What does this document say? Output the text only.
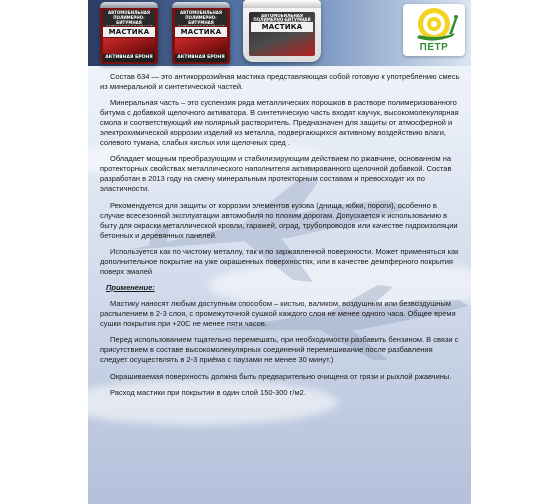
АВТОМОБИЛЬНАЯ ПОЛИМЕРНО-БИТУМНАЯ
МАСТИКА
АКТИВНАЯ БРОНЯ
АВТОМОБИЛЬНАЯ ПОЛИМЕРНО-БИТУМНАЯ
МАСТИКА
АКТИВНАЯ БРОНЯ
АВТОМОБИЛЬНАЯ ПОЛИМЕРНО-БИТУМНАЯ
МАСТИКА
ПЕТР

Состав 634 — это антикоррозийная мастика представляющая собой готовую к употреблению смесь из минеральной и синтетической частей.

Минеральная часть – это суспензия ряда металлических порошков в растворе полимеризованного битума с добавкой щелочного активатора. В синтетическую часть входят каучук, высокомолекулярная смола и соответствующий им полярный растворитель. Предназначен для защиты от атмосферной и электрохимической коррозии изделий из металла, подвергающихся активному воздействию влаги, солевого тумана, слабых кислых или щелочных сред .

Обладает мощным преобразующим и стабилизирующим действием по ржавчине, основанном на протекторных свойствах металлического наполнителя активированного щелочной добавкой. Состав разработан в 2013 году на смену минеральным протекторным составам и превосходит их по эластичности.

Рекомендуется для защиты от коррозии элементов кузова (днища, юбки, пороги), особенно в случае всесезонной эксплуатации автомобиля по плохим дорогам. Допускается к использованию в быту для окраски металлической кровли, гаражей, оград, трубопроводов или качестве гидроизоляции бетонных и деревянных панелей.

Используется как по чистому металлу, так и по заржавленной поверхности. Может применяться как дополнительное покрытие на уже окрашенных поверхностях, или в качестве демпферного покрытия поверх эмалей

Применение:

Мастику наносят любым доступным способом – кистью, валиком, воздушным или безвоздушным распылением в 2-3 слоя, с промежуточной сушкой каждого слоя не менее одного часа. Общее время сушки покрытия при +20С не менее пяти часов.

Перед использованием тщательно перемешать, при необходимости разбавить бензином. В связи с присутствием в составе высокомолекулярных соединений перемешивание после разбавления следует осуществлять в 2-3 приёма с паузами не менее 30 минут.)

Окрашиваемая поверхность должна быть предварительно очищена от грязи и рыхлой ржавчины.

Расход мастики при покрытии в один слой 150-300 г/м2.
